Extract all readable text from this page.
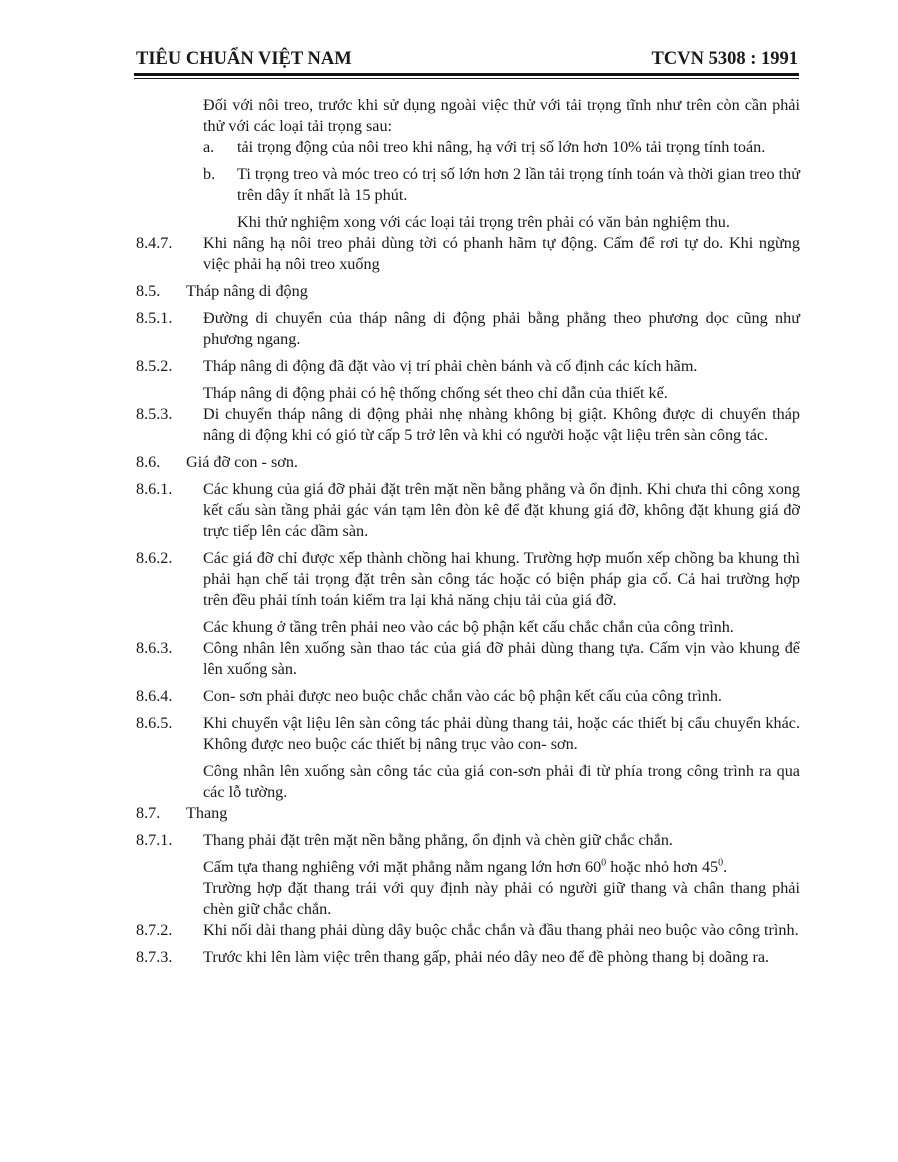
TIÊU CHUẨN VIỆT NAM	TCVN 5308 : 1991

Đối với nôi treo, trước khi sử dụng ngoài việc thử với tải trọng tĩnh như trên còn cần phải thử với các loại tải trọng sau:

a. tải trọng động của nôi treo khi nâng, hạ với trị số lớn hơn 10% tải trọng tính toán.

b. Ti trọng treo và móc treo có trị số lớn hơn 2 lần tải trọng tính toán và thời gian treo thử trên dây ít nhất là 15 phút.

Khi thử nghiệm xong với các loại tải trọng trên phải có văn bản nghiệm thu.

8.4.7. Khi nâng hạ nôi treo phải dùng tời có phanh hãm tự động. Cấm để rơi tự do. Khi ngừng việc phải hạ nôi treo xuống

8.5. Tháp nâng di động
8.5.1. Đường di chuyển của tháp nâng di động phải bằng phẳng theo phương dọc cũng như phương ngang.

8.5.2. Tháp nâng di động đã đặt vào vị trí phải chèn bánh và cố định các kích hãm.

Tháp nâng di động phải có hệ thống chống sét theo chỉ dẫn của thiết kế.

8.5.3. Di chuyển tháp nâng di động phải nhẹ nhàng không bị giật. Không được di chuyển tháp nâng di động khi có gió từ cấp 5 trở lên và khi có người hoặc vật liệu trên sàn công tác.

8.6. Giá đỡ con - sơn.
8.6.1. Các khung của giá đỡ phải đặt trên mặt nền bằng phẳng và ổn định. Khi chưa thi công xong kết cấu sàn tầng phải gác ván tạm lên đòn kê để đặt khung giá đỡ, không đặt khung giá đỡ trực tiếp lên các dầm sàn.

8.6.2. Các giá đỡ chỉ được xếp thành chồng hai khung. Trường hợp muốn xếp chồng ba khung thì phải hạn chế tải trọng đặt trên sàn công tác hoặc có biện pháp gia cố. Cả hai trường hợp trên đều phải tính toán kiểm tra lại khả năng chịu tải của giá đỡ.

Các khung ở tầng trên phải neo vào các bộ phận kết cấu chắc chắn của công trình.

8.6.3. Công nhân lên xuống sàn thao tác của giá đỡ phải dùng thang tựa. Cấm vịn vào khung để lên xuống sàn.

8.6.4. Con- sơn phải được neo buộc chắc chắn vào các bộ phận kết cấu của công trình.

8.6.5. Khi chuyển vật liệu lên sàn công tác phải dùng thang tải, hoặc các thiết bị cẩu chuyển khác. Không được neo buộc các thiết bị nâng trục vào con- sơn.

Công nhân lên xuống sàn công tác của giá con-sơn phải đi từ phía trong công trình ra qua các lỗ tường.

8.7. Thang
8.7.1. Thang phải đặt trên mặt nền bằng phẳng, ổn định và chèn giữ chắc chắn.

Cấm tựa thang nghiêng với mặt phẳng nằm ngang lớn hơn $60^0$ hoặc nhỏ hơn $45^0$.

Trường hợp đặt thang trái với quy định này phải có người giữ thang và chân thang phải chèn giữ chắc chắn.

8.7.2. Khi nối dài thang phải dùng dây buộc chắc chắn và đầu thang phải neo buộc vào công trình.

8.7.3. Trước khi lên làm việc trên thang gấp, phải néo dây neo để đề phòng thang bị doãng ra.
